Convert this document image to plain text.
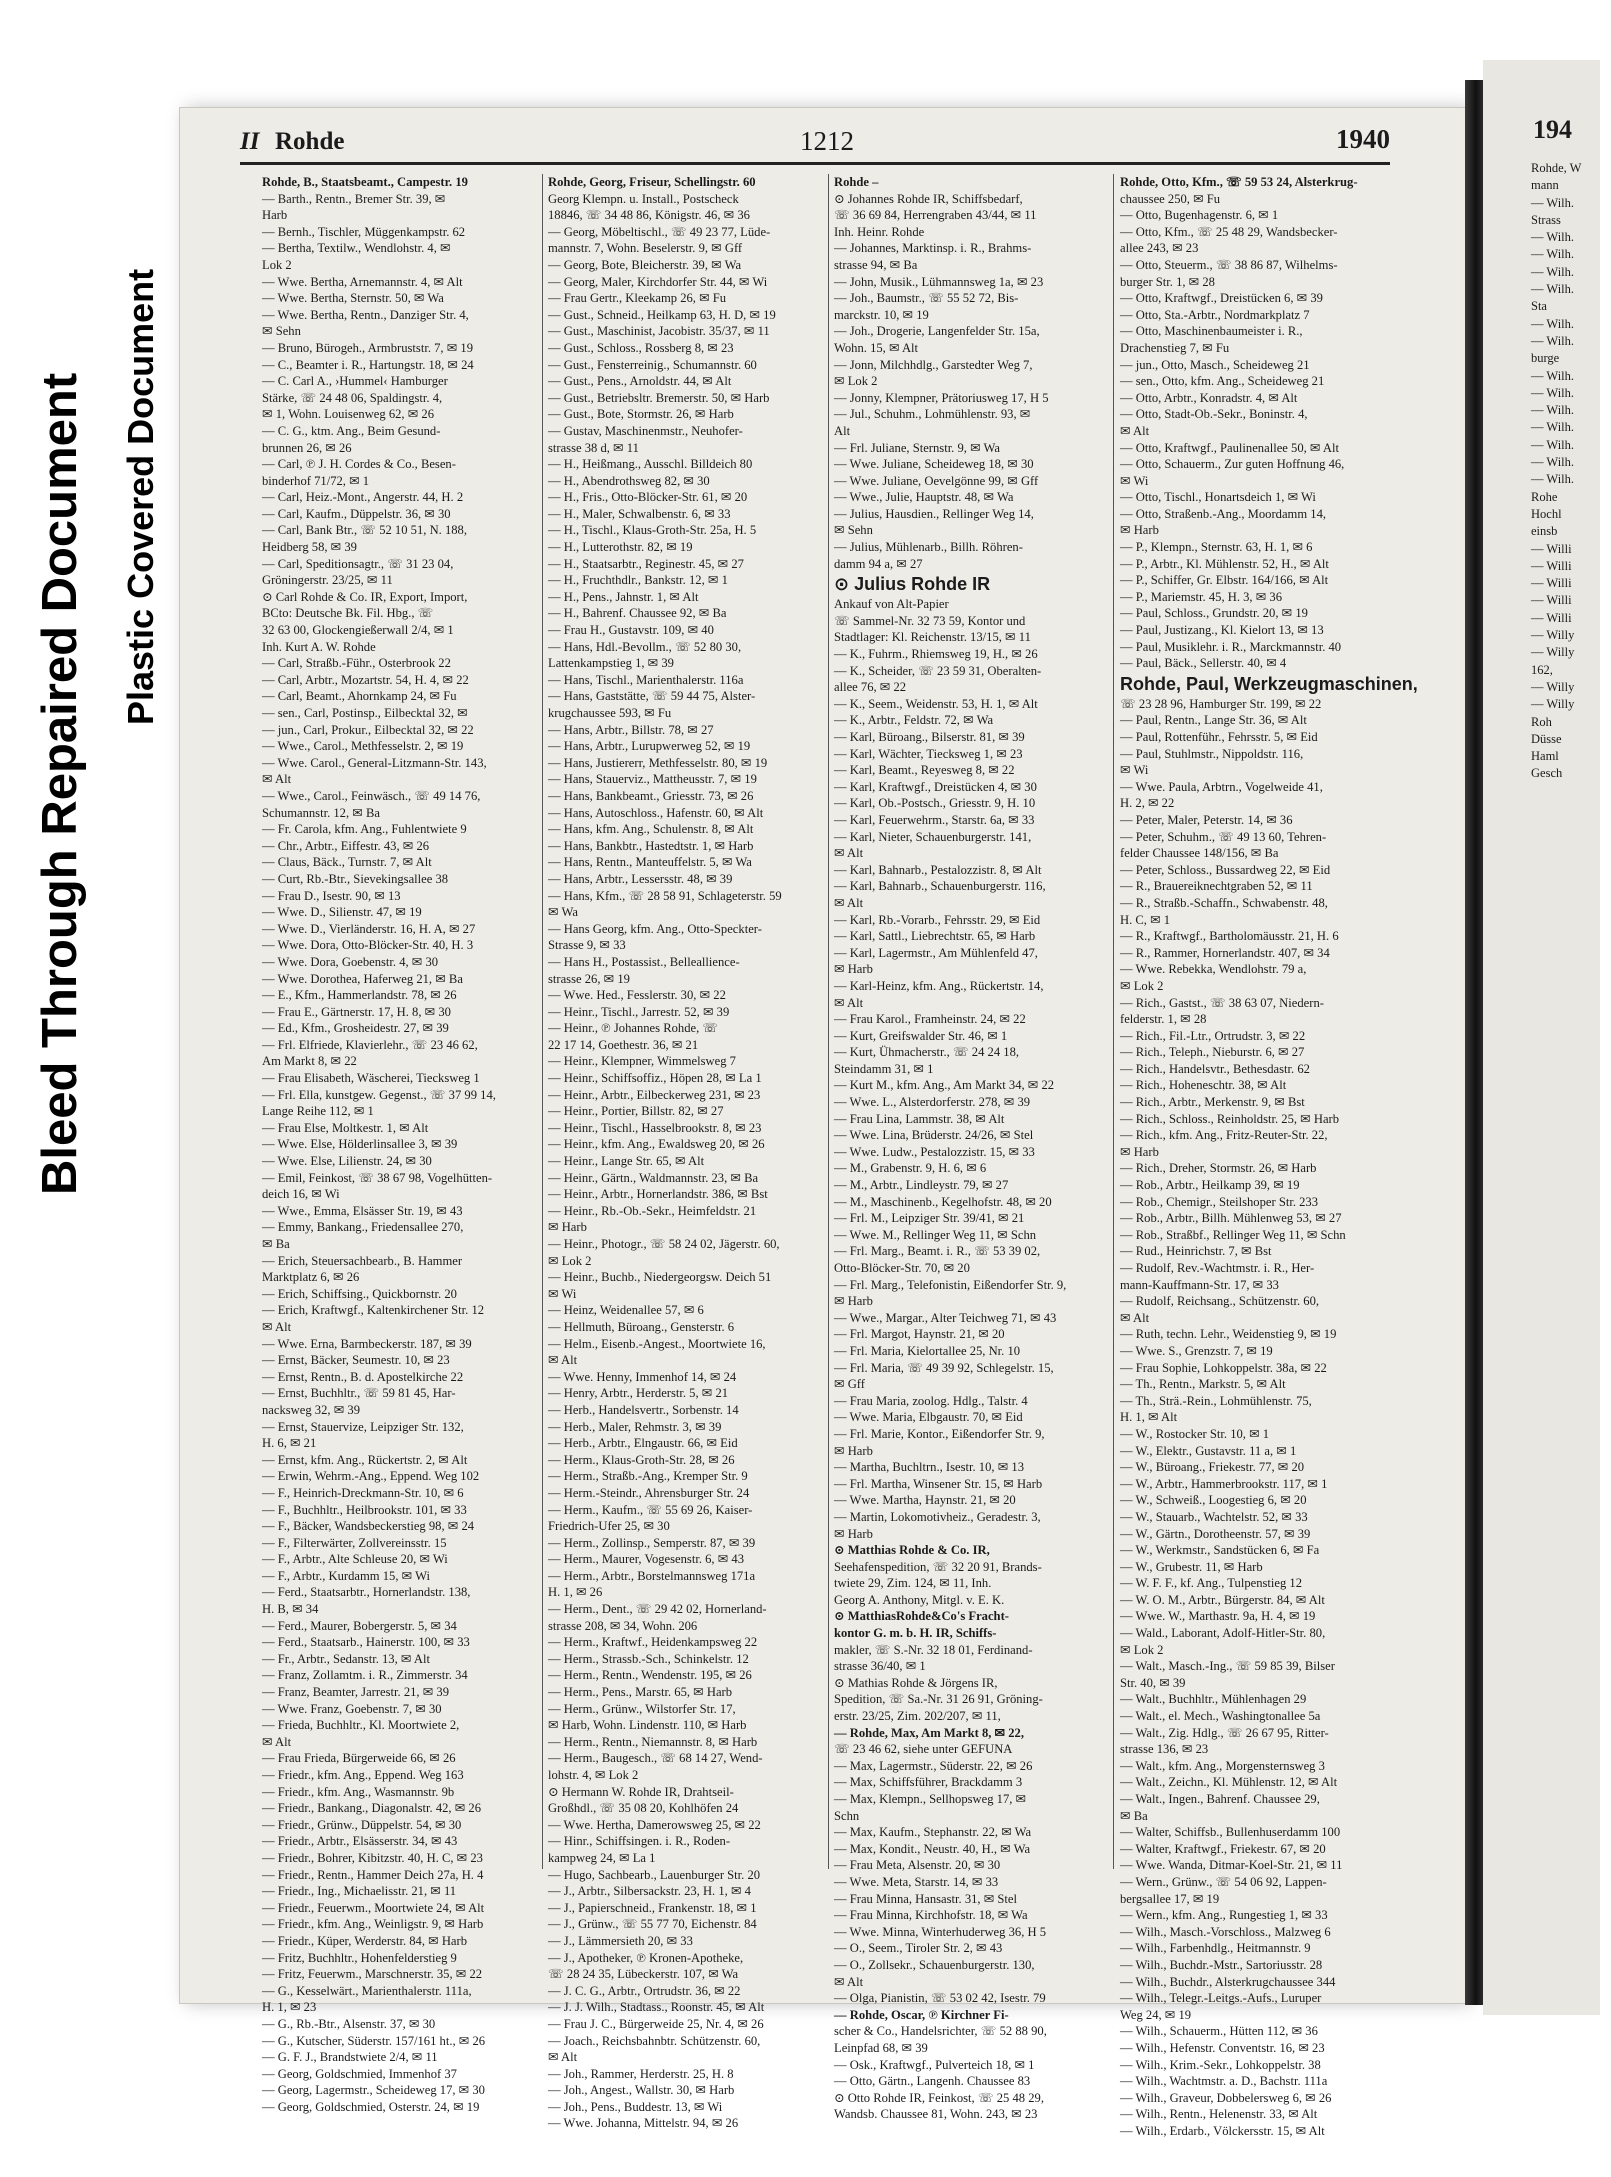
Bleed Through Repaired Document Plastic Covered Document
194
Rohde, W
mann
— Wilh.
Strass
— Wilh.
— Wilh.
— Wilh.
— Wilh.
Sta
— Wilh.
— Wilh.
burge
— Wilh.
— Wilh.
— Wilh.
— Wilh.
— Wilh.
— Wilh.
— Wilh.
Rohe
Hochl
einsb
— Willi
— Willi
— Willi
— Willi
— Willi
— Willy
— Willy
162,
— Willy
— Willy
Roh
Düsse
Haml
Gesch
II Rohde	1212	1940
Rohde, B., Staatsbeamt., Campestr. 19
— Barth., Rentn., Bremer Str. 39, ✉
Harb
— Bernh., Tischler, Müggenkampstr. 62
— Bertha, Textilw., Wendlohstr. 4, ✉
Lok 2
— Wwe. Bertha, Arnemannstr. 4, ✉ Alt
— Wwe. Bertha, Sternstr. 50, ✉ Wa
— Wwe. Bertha, Rentn., Danziger Str. 4,
✉ Sehn
— Bruno, Bürogeh., Armbruststr. 7, ✉ 19
— C., Beamter i. R., Hartungstr. 18, ✉ 24
— C. Carl A., ›Hummel‹ Hamburger
Stärke, ☏ 24 48 06, Spaldingstr. 4,
✉ 1, Wohn. Louisenweg 62, ✉ 26
— C. G., ktm. Ang., Beim Gesund-
brunnen 26, ✉ 26
— Carl, ℗ J. H. Cordes & Co., Besen-
binderhof 71/72, ✉ 1
— Carl, Heiz.-Mont., Angerstr. 44, H. 2
— Carl, Kaufm., Düppelstr. 36, ✉ 30
— Carl, Bank Btr., ☏ 52 10 51, N. 188,
Heidberg 58, ✉ 39
— Carl, Speditionsagtr., ☏ 31 23 04,
Gröningerstr. 23/25, ✉ 11
⊙ Carl Rohde & Co. IR, Export, Import,
BCto: Deutsche Bk. Fil. Hbg., ☏
32 63 00, Glockengießerwall 2/4, ✉ 1
Inh. Kurt A. W. Rohde
— Carl, Straßb.-Führ., Osterbrook 22
— Carl, Arbtr., Mozartstr. 54, H. 4, ✉ 22
— Carl, Beamt., Ahornkamp 24, ✉ Fu
— sen., Carl, Postinsp., Eilbecktal 32, ✉
— jun., Carl, Prokur., Eilbecktal 32, ✉ 22
— Wwe., Carol., Methfesselstr. 2, ✉ 19
— Wwe. Carol., General-Litzmann-Str. 143,
✉ Alt
— Wwe., Carol., Feinwäsch., ☏ 49 14 76,
Schumannstr. 12, ✉ Ba
— Fr. Carola, kfm. Ang., Fuhlentwiete 9
— Chr., Arbtr., Eiffestr. 43, ✉ 26
— Claus, Bäck., Turnstr. 7, ✉ Alt
— Curt, Rb.-Btr., Sievekingsallee 38
— Frau D., Isestr. 90, ✉ 13
— Wwe. D., Silienstr. 47, ✉ 19
— Wwe. D., Vierländerstr. 16, H. A, ✉ 27
— Wwe. Dora, Otto-Blöcker-Str. 40, H. 3
— Wwe. Dora, Goebenstr. 4, ✉ 30
— Wwe. Dorothea, Haferweg 21, ✉ Ba
— E., Kfm., Hammerlandstr. 78, ✉ 26
— Frau E., Gärtnerstr. 17, H. 8, ✉ 30
— Ed., Kfm., Grosheidestr. 27, ✉ 39
— Frl. Elfriede, Klavierlehr., ☏ 23 46 62,
Am Markt 8, ✉ 22
— Frau Elisabeth, Wäscherei, Tiecksweg 1
— Frl. Ella, kunstgew. Gegenst., ☏ 37 99 14,
Lange Reihe 112, ✉ 1
— Frau Else, Moltkestr. 1, ✉ Alt
— Wwe. Else, Hölderlinsallee 3, ✉ 39
— Wwe. Else, Lilienstr. 24, ✉ 30
— Emil, Feinkost, ☏ 38 67 98, Vogelhütten-
deich 16, ✉ Wi
— Wwe., Emma, Elsässer Str. 19, ✉ 43
— Emmy, Bankang., Friedensallee 270,
✉ Ba
— Erich, Steuersachbearb., B. Hammer
Marktplatz 6, ✉ 26
— Erich, Schiffsing., Quickbornstr. 20
— Erich, Kraftwgf., Kaltenkirchener Str. 12
✉ Alt
— Wwe. Erna, Barmbeckerstr. 187, ✉ 39
— Ernst, Bäcker, Seumestr. 10, ✉ 23
— Ernst, Rentn., B. d. Apostelkirche 22
— Ernst, Buchhltr., ☏ 59 81 45, Har-
nacksweg 32, ✉ 39
— Ernst, Stauervize, Leipziger Str. 132,
H. 6, ✉ 21
— Ernst, kfm. Ang., Rückertstr. 2, ✉ Alt
— Erwin, Wehrm.-Ang., Eppend. Weg 102
— F., Heinrich-Dreckmann-Str. 10, ✉ 6
— F., Buchhltr., Heilbrookstr. 101, ✉ 33
— F., Bäcker, Wandsbeckerstieg 98, ✉ 24
— F., Filterwärter, Zollvereinsstr. 15
— F., Arbtr., Alte Schleuse 20, ✉ Wi
— F., Arbtr., Kurdamm 15, ✉ Wi
— Ferd., Staatsarbtr., Hornerlandstr. 138,
H. B, ✉ 34
— Ferd., Maurer, Bobergerstr. 5, ✉ 34
— Ferd., Staatsarb., Hainerstr. 100, ✉ 33
— Fr., Arbtr., Sedanstr. 13, ✉ Alt
— Franz, Zollamtm. i. R., Zimmerstr. 34
— Franz, Beamter, Jarrestr. 21, ✉ 39
— Wwe. Franz, Goebenstr. 7, ✉ 30
— Frieda, Buchhltr., Kl. Moortwiete 2,
✉ Alt
— Frau Frieda, Bürgerweide 66, ✉ 26
— Friedr., kfm. Ang., Eppend. Weg 163
— Friedr., kfm. Ang., Wasmannstr. 9b
— Friedr., Bankang., Diagonalstr. 42, ✉ 26
— Friedr., Grünw., Düppelstr. 54, ✉ 30
— Friedr., Arbtr., Elsässerstr. 34, ✉ 43
— Friedr., Bohrer, Kibitzstr. 40, H. C, ✉ 23
— Friedr., Rentn., Hammer Deich 27a, H. 4
— Friedr., Ing., Michaelisstr. 21, ✉ 11
— Friedr., Feuerwm., Moortwiete 24, ✉ Alt
— Friedr., kfm. Ang., Weinligstr. 9, ✉ Harb
— Friedr., Küper, Werderstr. 84, ✉ Harb
— Fritz, Buchhltr., Hohenfelderstieg 9
— Fritz, Feuerwm., Marschnerstr. 35, ✉ 22
— G., Kesselwärt., Marienthalerstr. 111a,
H. 1, ✉ 23
— G., Rb.-Btr., Alsenstr. 37, ✉ 30
— G., Kutscher, Süderstr. 157/161 ht., ✉ 26
— G. F. J., Brandstwiete 2/4, ✉ 11
— Georg, Goldschmied, Immenhof 37
— Georg, Lagermstr., Scheideweg 17, ✉ 30
— Georg, Goldschmied, Osterstr. 24, ✉ 19
Rohde, Georg, Friseur, Schellingstr. 60
Georg Klempn. u. Install., Postscheck
18846, ☏ 34 48 86, Königstr. 46, ✉ 36
— Georg, Möbeltischl., ☏ 49 23 77, Lüde-
mannstr. 7, Wohn. Beselerstr. 9, ✉ Gff
— Georg, Bote, Bleicherstr. 39, ✉ Wa
— Georg, Maler, Kirchdorfer Str. 44, ✉ Wi
— Frau Gertr., Kleekamp 26, ✉ Fu
— Gust., Schneid., Heilkamp 63, H. D, ✉ 19
— Gust., Maschinist, Jacobistr. 35/37, ✉ 11
— Gust., Schloss., Rossberg 8, ✉ 23
— Gust., Fensterreinig., Schumannstr. 60
— Gust., Pens., Arnoldstr. 44, ✉ Alt
— Gust., Betriebsltr. Bremerstr. 50, ✉ Harb
— Gust., Bote, Stormstr. 26, ✉ Harb
— Gustav, Maschinenmstr., Neuhofer-
strasse 38 d, ✉ 11
— H., Heißmang., Ausschl. Billdeich 80
— H., Abendrothsweg 82, ✉ 30
— H., Fris., Otto-Blöcker-Str. 61, ✉ 20
— H., Maler, Schwalbenstr. 6, ✉ 33
— H., Tischl., Klaus-Groth-Str. 25a, H. 5
— H., Lutterothstr. 82, ✉ 19
— H., Staatsarbtr., Reginestr. 45, ✉ 27
— H., Fruchthdlr., Bankstr. 12, ✉ 1
— H., Pens., Jahnstr. 1, ✉ Alt
— H., Bahrenf. Chaussee 92, ✉ Ba
— Frau H., Gustavstr. 109, ✉ 40
— Hans, Hdl.-Bevollm., ☏ 52 80 30,
Lattenkampstieg 1, ✉ 39
— Hans, Tischl., Marienthalerstr. 116a
— Hans, Gaststätte, ☏ 59 44 75, Alster-
krugchaussee 593, ✉ Fu
— Hans, Arbtr., Billstr. 78, ✉ 27
— Hans, Arbtr., Lurupwerweg 52, ✉ 19
— Hans, Justiererr, Methfesselstr. 80, ✉ 19
— Hans, Stauerviz., Mattheusstr. 7, ✉ 19
— Hans, Bankbeamt., Griesstr. 73, ✉ 26
— Hans, Autoschloss., Hafenstr. 60, ✉ Alt
— Hans, kfm. Ang., Schulenstr. 8, ✉ Alt
— Hans, Bankbtr., Hastedtstr. 1, ✉ Harb
— Hans, Rentn., Manteuffelstr. 5, ✉ Wa
— Hans, Arbtr., Lessersstr. 48, ✉ 39
— Hans, Kfm., ☏ 28 58 91, Schlageterstr. 59
✉ Wa
— Hans Georg, kfm. Ang., Otto-Speckter-
Strasse 9, ✉ 33
— Hans H., Postassist., Belleallience-
strasse 26, ✉ 19
— Wwe. Hed., Fesslerstr. 30, ✉ 22
— Heinr., Tischl., Jarrestr. 52, ✉ 39
— Heinr., ℗ Johannes Rohde, ☏
22 17 14, Goethestr. 36, ✉ 21
— Heinr., Klempner, Wimmelsweg 7
— Heinr., Schiffsoffiz., Höpen 28, ✉ La 1
— Heinr., Arbtr., Eilbeckerweg 231, ✉ 23
— Heinr., Portier, Billstr. 82, ✉ 27
— Heinr., Tischl., Hasselbrookstr. 8, ✉ 23
— Heinr., kfm. Ang., Ewaldsweg 20, ✉ 26
— Heinr., Lange Str. 65, ✉ Alt
— Heinr., Gärtn., Waldmannstr. 23, ✉ Ba
— Heinr., Arbtr., Hornerlandstr. 386, ✉ Bst
— Heinr., Rb.-Ob.-Sekr., Heimfeldstr. 21
✉ Harb
— Heinr., Photogr., ☏ 58 24 02, Jägerstr. 60,
✉ Lok 2
— Heinr., Buchb., Niedergeorgsw. Deich 51
✉ Wi
— Heinz, Weidenallee 57, ✉ 6
— Hellmuth, Büroang., Gensterstr. 6
— Helm., Eisenb.-Angest., Moortwiete 16,
✉ Alt
— Wwe. Henny, Immenhof 14, ✉ 24
— Henry, Arbtr., Herderstr. 5, ✉ 21
— Herb., Handelsvertr., Sorbenstr. 14
— Herb., Maler, Rehmstr. 3, ✉ 39
— Herb., Arbtr., Elngaustr. 66, ✉ Eid
— Herm., Klaus-Groth-Str. 28, ✉ 26
— Herm., Straßb.-Ang., Kremper Str. 9
— Herm.-Steindr., Ahrensburger Str. 24
— Herm., Kaufm., ☏ 55 69 26, Kaiser-
Friedrich-Ufer 25, ✉ 30
— Herm., Zollinsp., Semperstr. 87, ✉ 39
— Herm., Maurer, Vogesenstr. 6, ✉ 43
— Herm., Arbtr., Borstelmannsweg 171a
H. 1, ✉ 26
— Herm., Dent., ☏ 29 42 02, Hornerland-
strasse 208, ✉ 34, Wohn. 206
— Herm., Kraftwf., Heidenkampsweg 22
— Herm., Strassb.-Sch., Schinkelstr. 12
— Herm., Rentn., Wendenstr. 195, ✉ 26
— Herm., Pens., Marstr. 65, ✉ Harb
— Herm., Grünw., Wilstorfer Str. 17,
✉ Harb, Wohn. Lindenstr. 110, ✉ Harb
— Herm., Rentn., Niemannstr. 8, ✉ Harb
— Herm., Baugesch., ☏ 68 14 27, Wend-
lohstr. 4, ✉ Lok 2
⊙ Hermann W. Rohde IR, Drahtseil-
Großhdl., ☏ 35 08 20, Kohlhöfen 24
— Wwe. Hertha, Damerowsweg 25, ✉ 22
— Hinr., Schiffsingen. i. R., Roden-
kampweg 24, ✉ La 1
— Hugo, Sachbearb., Lauenburger Str. 20
— J., Arbtr., Silbersackstr. 23, H. 1, ✉ 4
— J., Papierschneid., Frankenstr. 18, ✉ 1
— J., Grünw., ☏ 55 77 70, Eichenstr. 84
— J., Lämmersieth 20, ✉ 33
— J., Apotheker, ℗ Kronen-Apotheke,
☏ 28 24 35, Lübeckerstr. 107, ✉ Wa
— J. C. G., Arbtr., Ortrudstr. 36, ✉ 22
— J. J. Wilh., Stadtass., Roonstr. 45, ✉ Alt
— Frau J. C., Bürgerweide 25, Nr. 4, ✉ 26
— Joach., Reichsbahnbtr. Schützenstr. 60,
✉ Alt
— Joh., Rammer, Herderstr. 25, H. 8
— Joh., Angest., Wallstr. 30, ✉ Harb
— Joh., Pens., Buddestr. 13, ✉ Wi
— Wwe. Johanna, Mittelstr. 94, ✉ 26
Rohde –
⊙ Johannes Rohde IR, Schiffsbedarf,
☏ 36 69 84, Herrengraben 43/44, ✉ 11
Inh. Heinr. Rohde
— Johannes, Marktinsp. i. R., Brahms-
strasse 94, ✉ Ba
— John, Musik., Lühmannsweg 1a, ✉ 23
— Joh., Baumstr., ☏ 55 52 72, Bis-
marckstr. 10, ✉ 19
— Joh., Drogerie, Langenfelder Str. 15a,
Wohn. 15, ✉ Alt
— Jonn, Milchhdlg., Garstedter Weg 7,
✉ Lok 2
— Jonny, Klempner, Prätoriusweg 17, H 5
— Jul., Schuhm., Lohmühlenstr. 93, ✉
Alt
— Frl. Juliane, Sternstr. 9, ✉ Wa
— Wwe. Juliane, Scheideweg 18, ✉ 30
— Wwe. Juliane, Oevelgönne 99, ✉ Gff
— Wwe., Julie, Hauptstr. 48, ✉ Wa
— Julius, Hausdien., Rellinger Weg 14,
✉ Sehn
— Julius, Mühlenarb., Billh. Röhren-
damm 94 a, ✉ 27
⊙ Julius Rohde IR
Ankauf von Alt-Papier
☏ Sammel-Nr. 32 73 59, Kontor und
Stadtlager: Kl. Reichenstr. 13/15, ✉ 11
— K., Fuhrm., Rhiemsweg 19, H., ✉ 26
— K., Scheider, ☏ 23 59 31, Oberalten-
allee 76, ✉ 22
— K., Seem., Weidenstr. 53, H. 1, ✉ Alt
— K., Arbtr., Feldstr. 72, ✉ Wa
— Karl, Büroang., Bilserstr. 81, ✉ 39
— Karl, Wächter, Tiecksweg 1, ✉ 23
— Karl, Beamt., Reyesweg 8, ✉ 22
— Karl, Kraftwgf., Dreistücken 4, ✉ 30
— Karl, Ob.-Postsch., Griesstr. 9, H. 10
— Karl, Feuerwehrm., Starstr. 6a, ✉ 33
— Karl, Nieter, Schauenburgerstr. 141,
✉ Alt
— Karl, Bahnarb., Pestalozzistr. 8, ✉ Alt
— Karl, Bahnarb., Schauenburgerstr. 116,
✉ Alt
— Karl, Rb.-Vorarb., Fehrsstr. 29, ✉ Eid
— Karl, Sattl., Liebrechtstr. 65, ✉ Harb
— Karl, Lagermstr., Am Mühlenfeld 47,
✉ Harb
— Karl-Heinz, kfm. Ang., Rückertstr. 14,
✉ Alt
— Frau Karol., Framheinstr. 24, ✉ 22
— Kurt, Greifswalder Str. 46, ✉ 1
— Kurt, Ühmacherstr., ☏ 24 24 18,
Steindamm 31, ✉ 1
— Kurt M., kfm. Ang., Am Markt 34, ✉ 22
— Wwe. L., Alsterdorferstr. 278, ✉ 39
— Frau Lina, Lammstr. 38, ✉ Alt
— Wwe. Lina, Brüderstr. 24/26, ✉ Stel
— Wwe. Ludw., Pestalozzistr. 15, ✉ 33
— M., Grabenstr. 9, H. 6, ✉ 6
— M., Arbtr., Lindleystr. 79, ✉ 27
— M., Maschinenb., Kegelhofstr. 48, ✉ 20
— Frl. M., Leipziger Str. 39/41, ✉ 21
— Wwe. M., Rellinger Weg 11, ✉ Schn
— Frl. Marg., Beamt. i. R., ☏ 53 39 02,
Otto-Blöcker-Str. 70, ✉ 20
— Frl. Marg., Telefonistin, Eißendorfer Str. 9,
✉ Harb
— Wwe., Margar., Alter Teichweg 71, ✉ 43
— Frl. Margot, Haynstr. 21, ✉ 20
— Frl. Maria, Kielortallee 25, Nr. 10
— Frl. Maria, ☏ 49 39 92, Schlegelstr. 15,
✉ Gff
— Frau Maria, zoolog. Hdlg., Talstr. 4
— Wwe. Maria, Elbgaustr. 70, ✉ Eid
— Frl. Marie, Kontor., Eißendorfer Str. 9,
✉ Harb
— Martha, Buchltrn., Isestr. 10, ✉ 13
— Frl. Martha, Winsener Str. 15, ✉ Harb
— Wwe. Martha, Haynstr. 21, ✉ 20
— Martin, Lokomotivheiz., Geradestr. 3,
✉ Harb
⊙ Matthias Rohde & Co. IR,
Seehafenspedition, ☏ 32 20 91, Brands-
twiete 29, Zim. 124, ✉ 11, Inh.
Georg A. Anthony, Mitgl. v. E. K.
⊙ MatthiasRohde&Co's Fracht-
kontor G. m. b. H. IR, Schiffs-
makler, ☏ S.-Nr. 32 18 01, Ferdinand-
strasse 36/40, ✉ 1
⊙ Mathias Rohde & Jörgens IR,
Spedition, ☏ Sa.-Nr. 31 26 91, Gröning-
erstr. 23/25, Zim. 202/207, ✉ 11,
— Rohde, Max, Am Markt 8, ✉ 22,
☏ 23 46 62, siehe unter GEFUNA
— Max, Lagermstr., Süderstr. 22, ✉ 26
— Max, Schiffsführer, Brackdamm 3
— Max, Klempn., Sellhopsweg 17, ✉
Schn
— Max, Kaufm., Stephanstr. 22, ✉ Wa
— Max, Kondit., Neustr. 40, H., ✉ Wa
— Frau Meta, Alsenstr. 20, ✉ 30
— Wwe. Meta, Starstr. 14, ✉ 33
— Frau Minna, Hansastr. 31, ✉ Stel
— Frau Minna, Kirchhofstr. 18, ✉ Wa
— Wwe. Minna, Winterhuderweg 36, H 5
— O., Seem., Tiroler Str. 2, ✉ 43
— O., Zollsekr., Schauenburgerstr. 130,
✉ Alt
— Olga, Pianistin, ☏ 53 02 42, Isestr. 79
— Rohde, Oscar, ℗ Kirchner Fi-
scher & Co., Handelsrichter, ☏ 52 88 90,
Leinpfad 68, ✉ 39
— Osk., Kraftwgf., Pulverteich 18, ✉ 1
— Otto, Gärtn., Langenh. Chaussee 83
⊙ Otto Rohde IR, Feinkost, ☏ 25 48 29,
Wandsb. Chaussee 81, Wohn. 243, ✉ 23
Rohde, Otto, Kfm., ☏ 59 53 24, Alsterkrug-
chaussee 250, ✉ Fu
— Otto, Bugenhagenstr. 6, ✉ 1
— Otto, Kfm., ☏ 25 48 29, Wandsbecker-
allee 243, ✉ 23
— Otto, Steuerm., ☏ 38 86 87, Wilhelms-
burger Str. 1, ✉ 28
— Otto, Kraftwgf., Dreistücken 6, ✉ 39
— Otto, Sta.-Arbtr., Nordmarkplatz 7
— Otto, Maschinenbaumeister i. R.,
Drachenstieg 7, ✉ Fu
— jun., Otto, Masch., Scheideweg 21
— sen., Otto, kfm. Ang., Scheideweg 21
— Otto, Arbtr., Konradstr. 4, ✉ Alt
— Otto, Stadt-Ob.-Sekr., Boninstr. 4,
✉ Alt
— Otto, Kraftwgf., Paulinenallee 50, ✉ Alt
— Otto, Schauerm., Zur guten Hoffnung 46,
✉ Wi
— Otto, Tischl., Honartsdeich 1, ✉ Wi
— Otto, Straßenb.-Ang., Moordamm 14,
✉ Harb
— P., Klempn., Sternstr. 63, H. 1, ✉ 6
— P., Arbtr., Kl. Mühlenstr. 52, H., ✉ Alt
— P., Schiffer, Gr. Elbstr. 164/166, ✉ Alt
— P., Mariemstr. 45, H. 3, ✉ 36
— Paul, Schloss., Grundstr. 20, ✉ 19
— Paul, Justizang., Kl. Kielort 13, ✉ 13
— Paul, Musiklehr. i. R., Marckmannstr. 40
— Paul, Bäck., Sellerstr. 40, ✉ 4
Rohde, Paul, Werkzeugmaschinen,
☏ 23 28 96, Hamburger Str. 199, ✉ 22
— Paul, Rentn., Lange Str. 36, ✉ Alt
— Paul, Rottenführ., Fehrsstr. 5, ✉ Eid
— Paul, Stuhlmstr., Nippoldstr. 116,
✉ Wi
— Wwe. Paula, Arbtrn., Vogelweide 41,
H. 2, ✉ 22
— Peter, Maler, Peterstr. 14, ✉ 36
— Peter, Schuhm., ☏ 49 13 60, Tehren-
felder Chaussee 148/156, ✉ Ba
— Peter, Schloss., Bussardweg 22, ✉ Eid
— R., Brauereiknechtgraben 52, ✉ 11
— R., Straßb.-Schaffn., Schwabenstr. 48,
H. C, ✉ 1
— R., Kraftwgf., Bartholomäusstr. 21, H. 6
— R., Rammer, Hornerlandstr. 407, ✉ 34
— Wwe. Rebekka, Wendlohstr. 79 a,
✉ Lok 2
— Rich., Gastst., ☏ 38 63 07, Niedern-
felderstr. 1, ✉ 28
— Rich., Fil.-Ltr., Ortrudstr. 3, ✉ 22
— Rich., Teleph., Nieburstr. 6, ✉ 27
— Rich., Handelsvtr., Bethesdastr. 62
— Rich., Hoheneschtr. 38, ✉ Alt
— Rich., Arbtr., Merkenstr. 9, ✉ Bst
— Rich., Schloss., Reinholdstr. 25, ✉ Harb
— Rich., kfm. Ang., Fritz-Reuter-Str. 22,
✉ Harb
— Rich., Dreher, Stormstr. 26, ✉ Harb
— Rob., Arbtr., Heilkamp 39, ✉ 19
— Rob., Chemigr., Steilshoper Str. 233
— Rob., Arbtr., Billh. Mühlenweg 53, ✉ 27
— Rob., Straßbf., Rellinger Weg 11, ✉ Schn
— Rud., Heinrichstr. 7, ✉ Bst
— Rudolf, Rev.-Wachtmstr. i. R., Her-
mann-Kauffmann-Str. 17, ✉ 33
— Rudolf, Reichsang., Schützenstr. 60,
✉ Alt
— Ruth, techn. Lehr., Weidenstieg 9, ✉ 19
— Wwe. S., Grenzstr. 7, ✉ 19
— Frau Sophie, Lohkoppelstr. 38a, ✉ 22
— Th., Rentn., Markstr. 5, ✉ Alt
— Th., Strä.-Rein., Lohmühlenstr. 75,
H. 1, ✉ Alt
— W., Rostocker Str. 10, ✉ 1
— W., Elektr., Gustavstr. 11 a, ✉ 1
— W., Büroang., Friekestr. 77, ✉ 20
— W., Arbtr., Hammerbrookstr. 117, ✉ 1
— W., Schweiß., Loogestieg 6, ✉ 20
— W., Stauarb., Wachtelstr. 52, ✉ 33
— W., Gärtn., Dorotheenstr. 57, ✉ 39
— W., Werkmstr., Sandstücken 6, ✉ Fa
— W., Grubestr. 11, ✉ Harb
— W. F. F., kf. Ang., Tulpenstieg 12
— W. O. M., Arbtr., Bürgerstr. 84, ✉ Alt
— Wwe. W., Marthastr. 9a, H. 4, ✉ 19
— Wald., Laborant, Adolf-Hitler-Str. 80,
✉ Lok 2
— Walt., Masch.-Ing., ☏ 59 85 39, Bilser
Str. 40, ✉ 39
— Walt., Buchhltr., Mühlenhagen 29
— Walt., el. Mech., Washingtonallee 5a
— Walt., Zig. Hdlg., ☏ 26 67 95, Ritter-
strasse 136, ✉ 23
— Walt., kfm. Ang., Morgensternsweg 3
— Walt., Zeichn., Kl. Mühlenstr. 12, ✉ Alt
— Walt., Ingen., Bahrenf. Chaussee 29,
✉ Ba
— Walter, Schiffsb., Bullenhuserdamm 100
— Walter, Kraftwgf., Friekestr. 67, ✉ 20
— Wwe. Wanda, Ditmar-Koel-Str. 21, ✉ 11
— Wern., Grünw., ☏ 54 06 92, Lappen-
bergsallee 17, ✉ 19
— Wern., kfm. Ang., Rungestieg 1, ✉ 33
— Wilh., Masch.-Vorschloss., Malzweg 6
— Wilh., Farbenhdlg., Heitmannstr. 9
— Wilh., Buchdr.-Mstr., Sartoriusstr. 28
— Wilh., Buchdr., Alsterkrugchaussee 344
— Wilh., Telegr.-Leitgs.-Aufs., Luruper
Weg 24, ✉ 19
— Wilh., Schauerm., Hütten 112, ✉ 36
— Wilh., Hefenstr. Conventstr. 16, ✉ 23
— Wilh., Krim.-Sekr., Lohkoppelstr. 38
— Wilh., Wachtmstr. a. D., Bachstr. 111a
— Wilh., Graveur, Dobbelersweg 6, ✉ 26
— Wilh., Rentn., Helenenstr. 33, ✉ Alt
— Wilh., Erdarb., Völckersstr. 15, ✉ Alt
